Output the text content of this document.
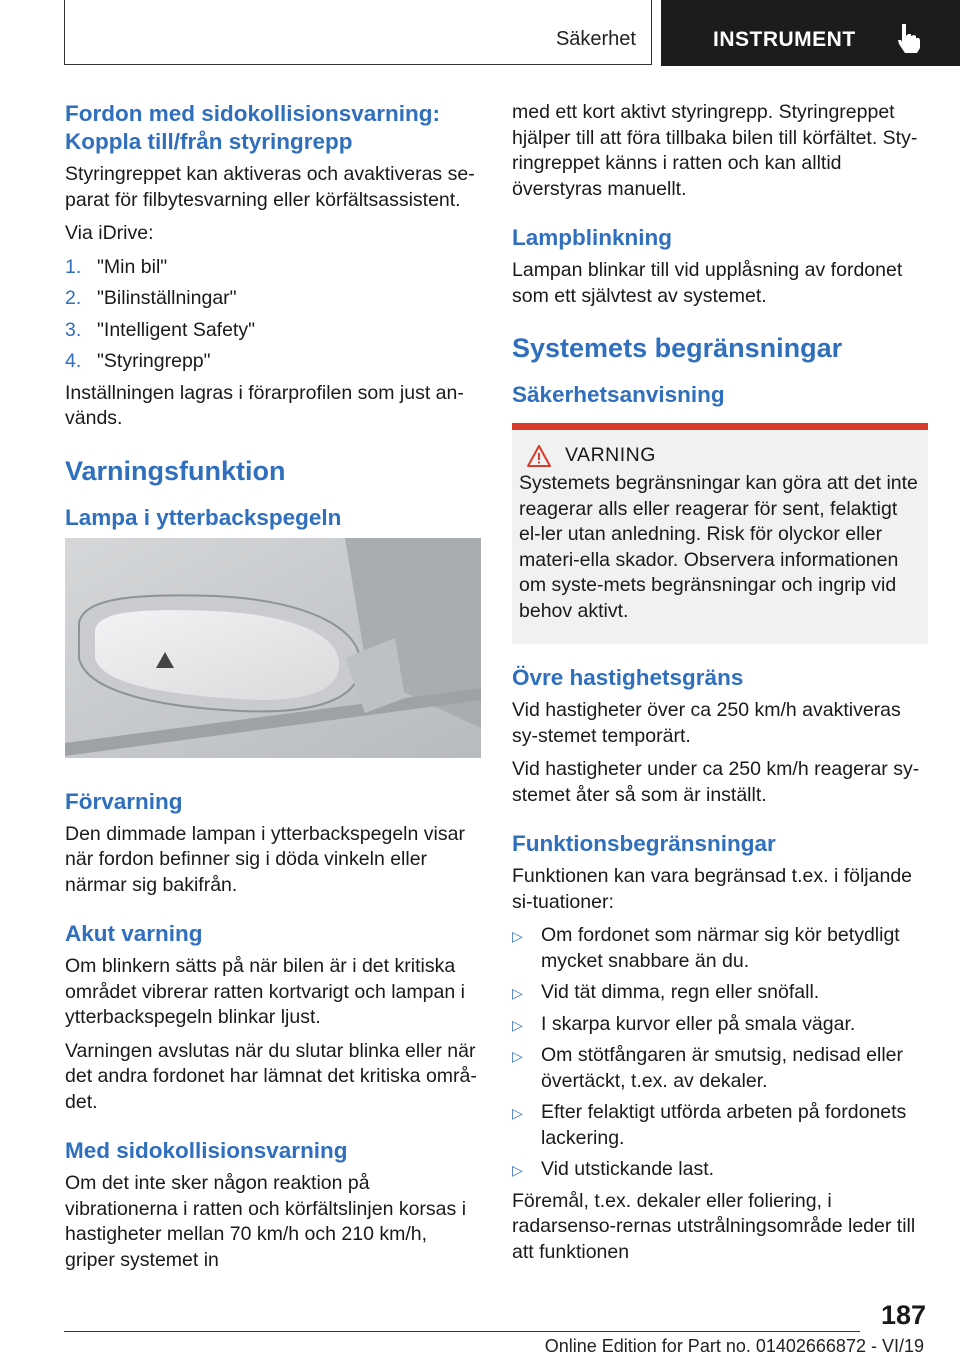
Säkerhet	INSTRUMENT
Fordon med sidokollisionsvarning: Koppla till/från styringrepp

Styringreppet kan aktiveras och avaktiveras se-parat för filbytesvarning eller körfältsassistent.

Via iDrive:

1. "Min bil"
2. "Bilinställningar"
3. "Intelligent Safety"
4. "Styringrepp"

Inställningen lagras i förarprofilen som just an-vänds.

Varningsfunktion
Lampa i ytterbackspegeln
Förvarning

Den dimmade lampan i ytterbackspegeln visar när fordon befinner sig i döda vinkeln eller närmar sig bakifrån.

Akut varning

Om blinkern sätts på när bilen är i det kritiska området vibrerar ratten kortvarigt och lampan i ytterbackspegeln blinkar ljust.

Varningen avslutas när du slutar blinka eller när det andra fordonet har lämnat det kritiska områ-det.

Med sidokollisionsvarning

Om det inte sker någon reaktion på vibrationerna i ratten och körfältslinjen korsas i hastigheter mellan 70 km/h och 210 km/h, griper systemet in

med ett kort aktivt styringrepp. Styringreppet hjälper till att föra tillbaka bilen till körfältet. Sty-ringreppet känns i ratten och kan alltid överstyras manuellt.

Lampblinkning

Lampan blinkar till vid upplåsning av fordonet som ett självtest av systemet.

Systemets begränsningar
Säkerhetsanvisning
VARNING

Systemets begränsningar kan göra att det inte reagerar alls eller reagerar för sent, felaktigt el-ler utan anledning. Risk för olyckor eller materi-ella skador. Observera informationen om syste-mets begränsningar och ingrip vid behov aktivt.

Övre hastighetsgräns

Vid hastigheter över ca 250 km/h avaktiveras sy-stemet temporärt.

Vid hastigheter under ca 250 km/h reagerar sy-stemet åter så som är inställt.

Funktionsbegränsningar

Funktionen kan vara begränsad t.ex. i följande si-tuationer:

▷ Om fordonet som närmar sig kör betydligt mycket snabbare än du.
▷ Vid tät dimma, regn eller snöfall.
▷ I skarpa kurvor eller på smala vägar.
▷ Om stötfångaren är smutsig, nedisad eller övertäckt, t.ex. av dekaler.
▷ Efter felaktigt utförda arbeten på fordonets lackering.
▷ Vid utstickande last.

Föremål, t.ex. dekaler eller foliering, i radarsenso-rernas utstrålningsområde leder till att funktionen

187
Online Edition for Part no. 01402666872 - VI/19
